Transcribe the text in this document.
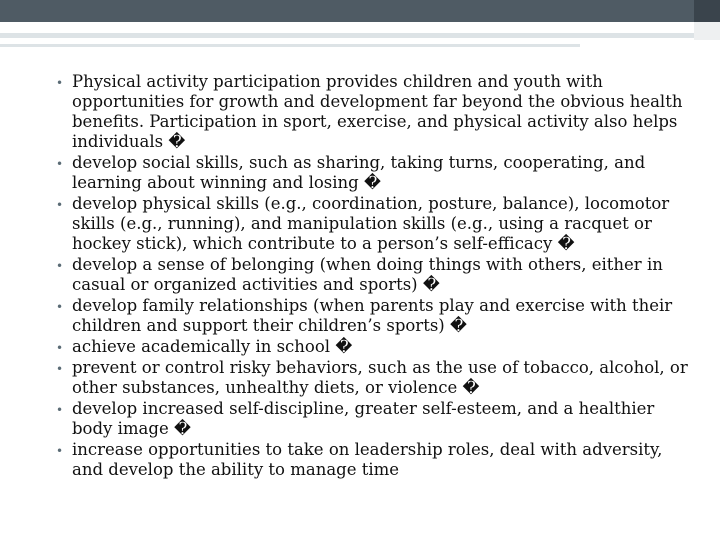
• Physical activity participation provides children and youth with opportunities for growth and development far beyond the obvious health benefits. Participation in sport, exercise, and physical activity also helps individuals �
• develop social skills, such as sharing, taking turns, cooperating, and learning about winning and losing �
• develop physical skills (e.g., coordination, posture, balance), locomotor skills (e.g., running), and manipulation skills (e.g., using a racquet or hockey stick), which contribute to a person’s self-efficacy �
• develop a sense of belonging (when doing things with others, either in casual or organized activities and sports) �
• develop family relationships (when parents play and exercise with their children and support their children’s sports) �
• achieve academically in school �
• prevent or control risky behaviors, such as the use of tobacco, alcohol, or other substances, unhealthy diets, or violence �
• develop increased self-discipline, greater self-esteem, and a healthier body image �
• increase opportunities to take on leadership roles, deal with adversity, and develop the ability to manage time
